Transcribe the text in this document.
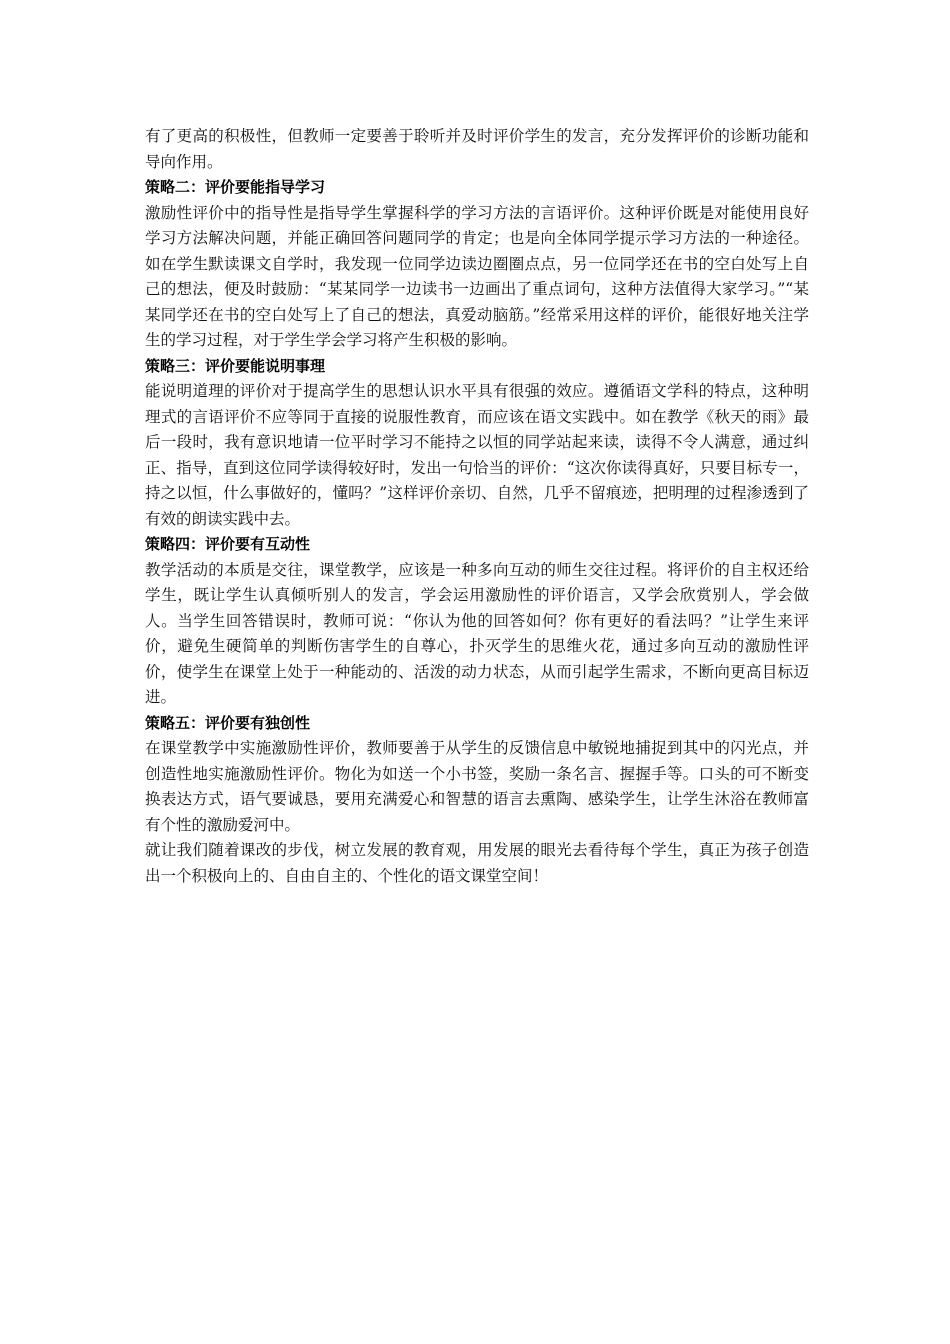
有了更高的积极性，但教师一定要善于聆听并及时评价学生的发言，充分发挥评价的诊断功能和导向作用。

策略二：评价要能指导学习

激励性评价中的指导性是指导学生掌握科学的学习方法的言语评价。这种评价既是对能使用良好学习方法解决问题，并能正确回答问题同学的肯定；也是向全体同学提示学习方法的一种途径。如在学生默读课文自学时，我发现一位同学边读边圈圈点点，另一位同学还在书的空白处写上自己的想法，便及时鼓励：“某某同学一边读书一边画出了重点词句，这种方法值得大家学习。”“某某同学还在书的空白处写上了自己的想法，真爱动脑筋。”经常采用这样的评价，能很好地关注学生的学习过程，对于学生学会学习将产生积极的影响。

策略三：评价要能说明事理

能说明道理的评价对于提高学生的思想认识水平具有很强的效应。遵循语文学科的特点，这种明理式的言语评价不应等同于直接的说服性教育，而应该在语文实践中。如在教学《秋天的雨》最后一段时，我有意识地请一位平时学习不能持之以恒的同学站起来读，读得不令人满意，通过纠正、指导，直到这位同学读得较好时，发出一句恰当的评价：“这次你读得真好，只要目标专一，持之以恒，什么事做好的，懂吗？”这样评价亲切、自然，几乎不留痕迹，把明理的过程渗透到了有效的朗读实践中去。

策略四：评价要有互动性

教学活动的本质是交往，课堂教学，应该是一种多向互动的师生交往过程。将评价的自主权还给学生，既让学生认真倾听别人的发言，学会运用激励性的评价语言，又学会欣赏别人，学会做人。当学生回答错误时，教师可说：“你认为他的回答如何？你有更好的看法吗？”让学生来评价，避免生硬简单的判断伤害学生的自尊心，扑灭学生的思维火花，通过多向互动的激励性评价，使学生在课堂上处于一种能动的、活泼的动力状态，从而引起学生需求，不断向更高目标迈进。

策略五：评价要有独创性

在课堂教学中实施激励性评价，教师要善于从学生的反馈信息中敏锐地捕捉到其中的闪光点，并创造性地实施激励性评价。物化为如送一个小书签，奖励一条名言、握握手等。口头的可不断变换表达方式，语气要诚恳，要用充满爱心和智慧的语言去熏陶、感染学生，让学生沐浴在教师富有个性的激励爱河中。

就让我们随着课改的步伐，树立发展的教育观，用发展的眼光去看待每个学生，真正为孩子创造出一个积极向上的、自由自主的、个性化的语文课堂空间！
